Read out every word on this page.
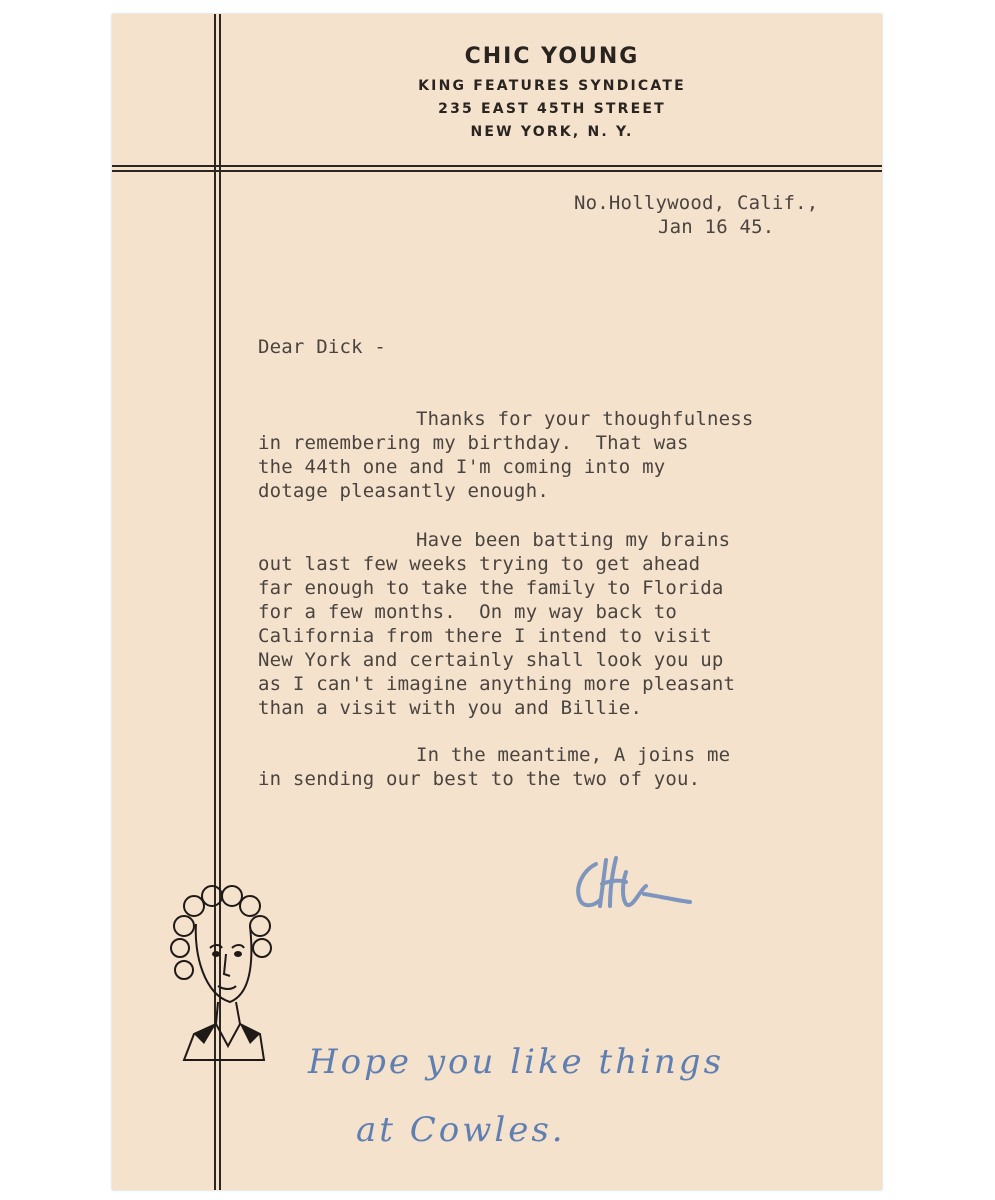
CHIC YOUNG
KING FEATURES SYNDICATE
235 EAST 45TH STREET
NEW YORK, N. Y.
No.Hollywood, Calif.,
Jan 16 45.
Dear Dick -
Thanks for your thoughfulness
in remembering my birthday.  That was
the 44th one and I'm coming into my
dotage pleasantly enough.
Have been batting my brains
out last few weeks trying to get ahead
far enough to take the family to Florida
for a few months.  On my way back to
California from there I intend to visit
New York and certainly shall look you up
as I can't imagine anything more pleasant
than a visit with you and Billie.
In the meantime, A joins me
in sending our best to the two of you.
Hope you like things
at Cowles.
